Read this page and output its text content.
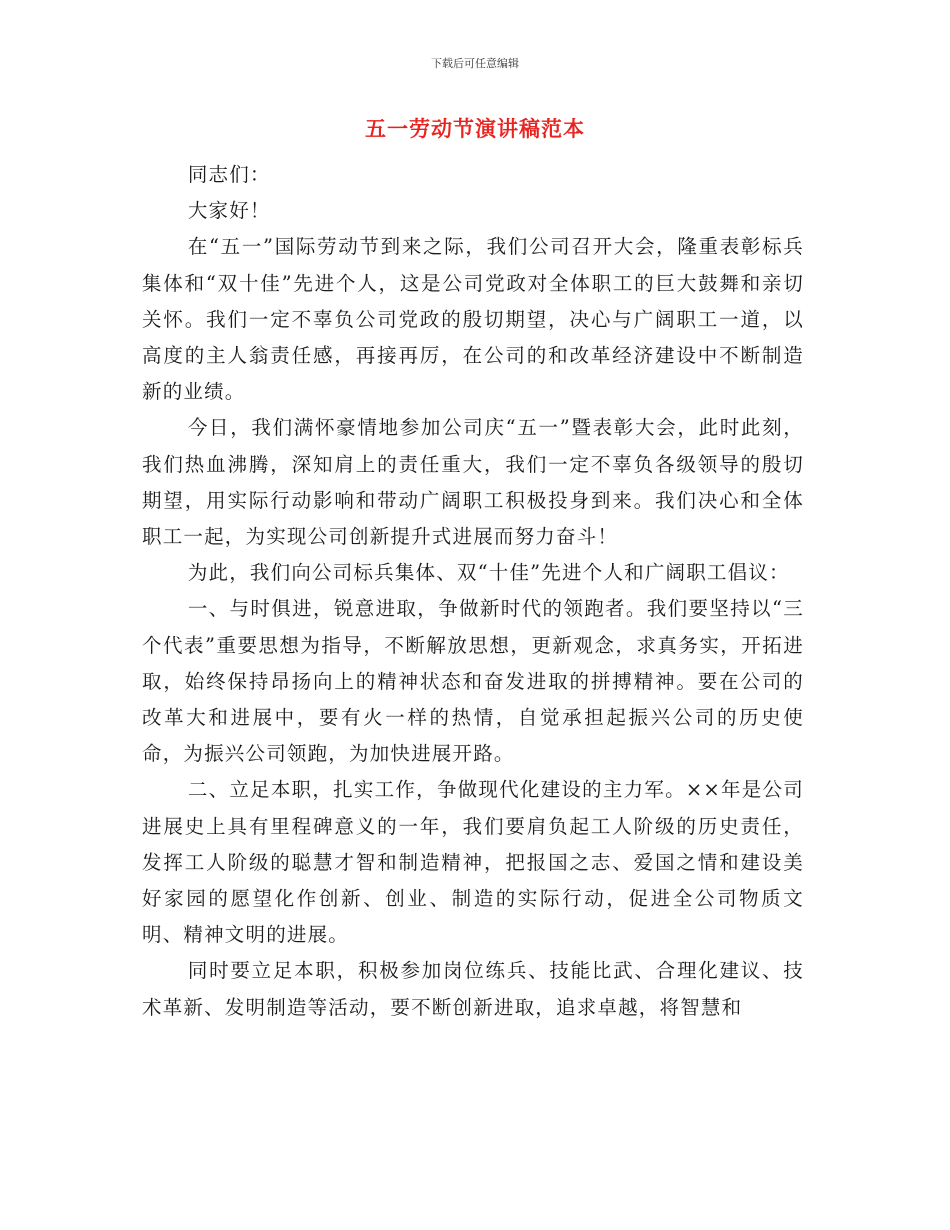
下载后可任意编辑
五一劳动节演讲稿范本

同志们：

大家好！

在“五一”国际劳动节到来之际，我们公司召开大会，隆重表彰标兵集体和“双十佳”先进个人，这是公司党政对全体职工的巨大鼓舞和亲切关怀。我们一定不辜负公司党政的殷切期望，决心与广阔职工一道，以高度的主人翁责任感，再接再厉，在公司的和改革经济建设中不断制造新的业绩。

今日，我们满怀豪情地参加公司庆“五一”暨表彰大会，此时此刻，我们热血沸腾，深知肩上的责任重大，我们一定不辜负各级领导的殷切期望，用实际行动影响和带动广阔职工积极投身到来。我们决心和全体职工一起，为实现公司创新提升式进展而努力奋斗！

为此，我们向公司标兵集体、双“十佳”先进个人和广阔职工倡议：

一、与时俱进，锐意进取，争做新时代的领跑者。我们要坚持以“三个代表”重要思想为指导，不断解放思想，更新观念，求真务实，开拓进取，始终保持昂扬向上的精神状态和奋发进取的拼搏精神。要在公司的改革大和进展中，要有火一样的热情，自觉承担起振兴公司的历史使命，为振兴公司领跑，为加快进展开路。

二、立足本职，扎实工作，争做现代化建设的主力军。××年是公司进展史上具有里程碑意义的一年，我们要肩负起工人阶级的历史责任，发挥工人阶级的聪慧才智和制造精神，把报国之志、爱国之情和建设美好家园的愿望化作创新、创业、制造的实际行动，促进全公司物质文明、精神文明的进展。

同时要立足本职，积极参加岗位练兵、技能比武、合理化建议、技术革新、发明制造等活动，要不断创新进取，追求卓越，将智慧和
